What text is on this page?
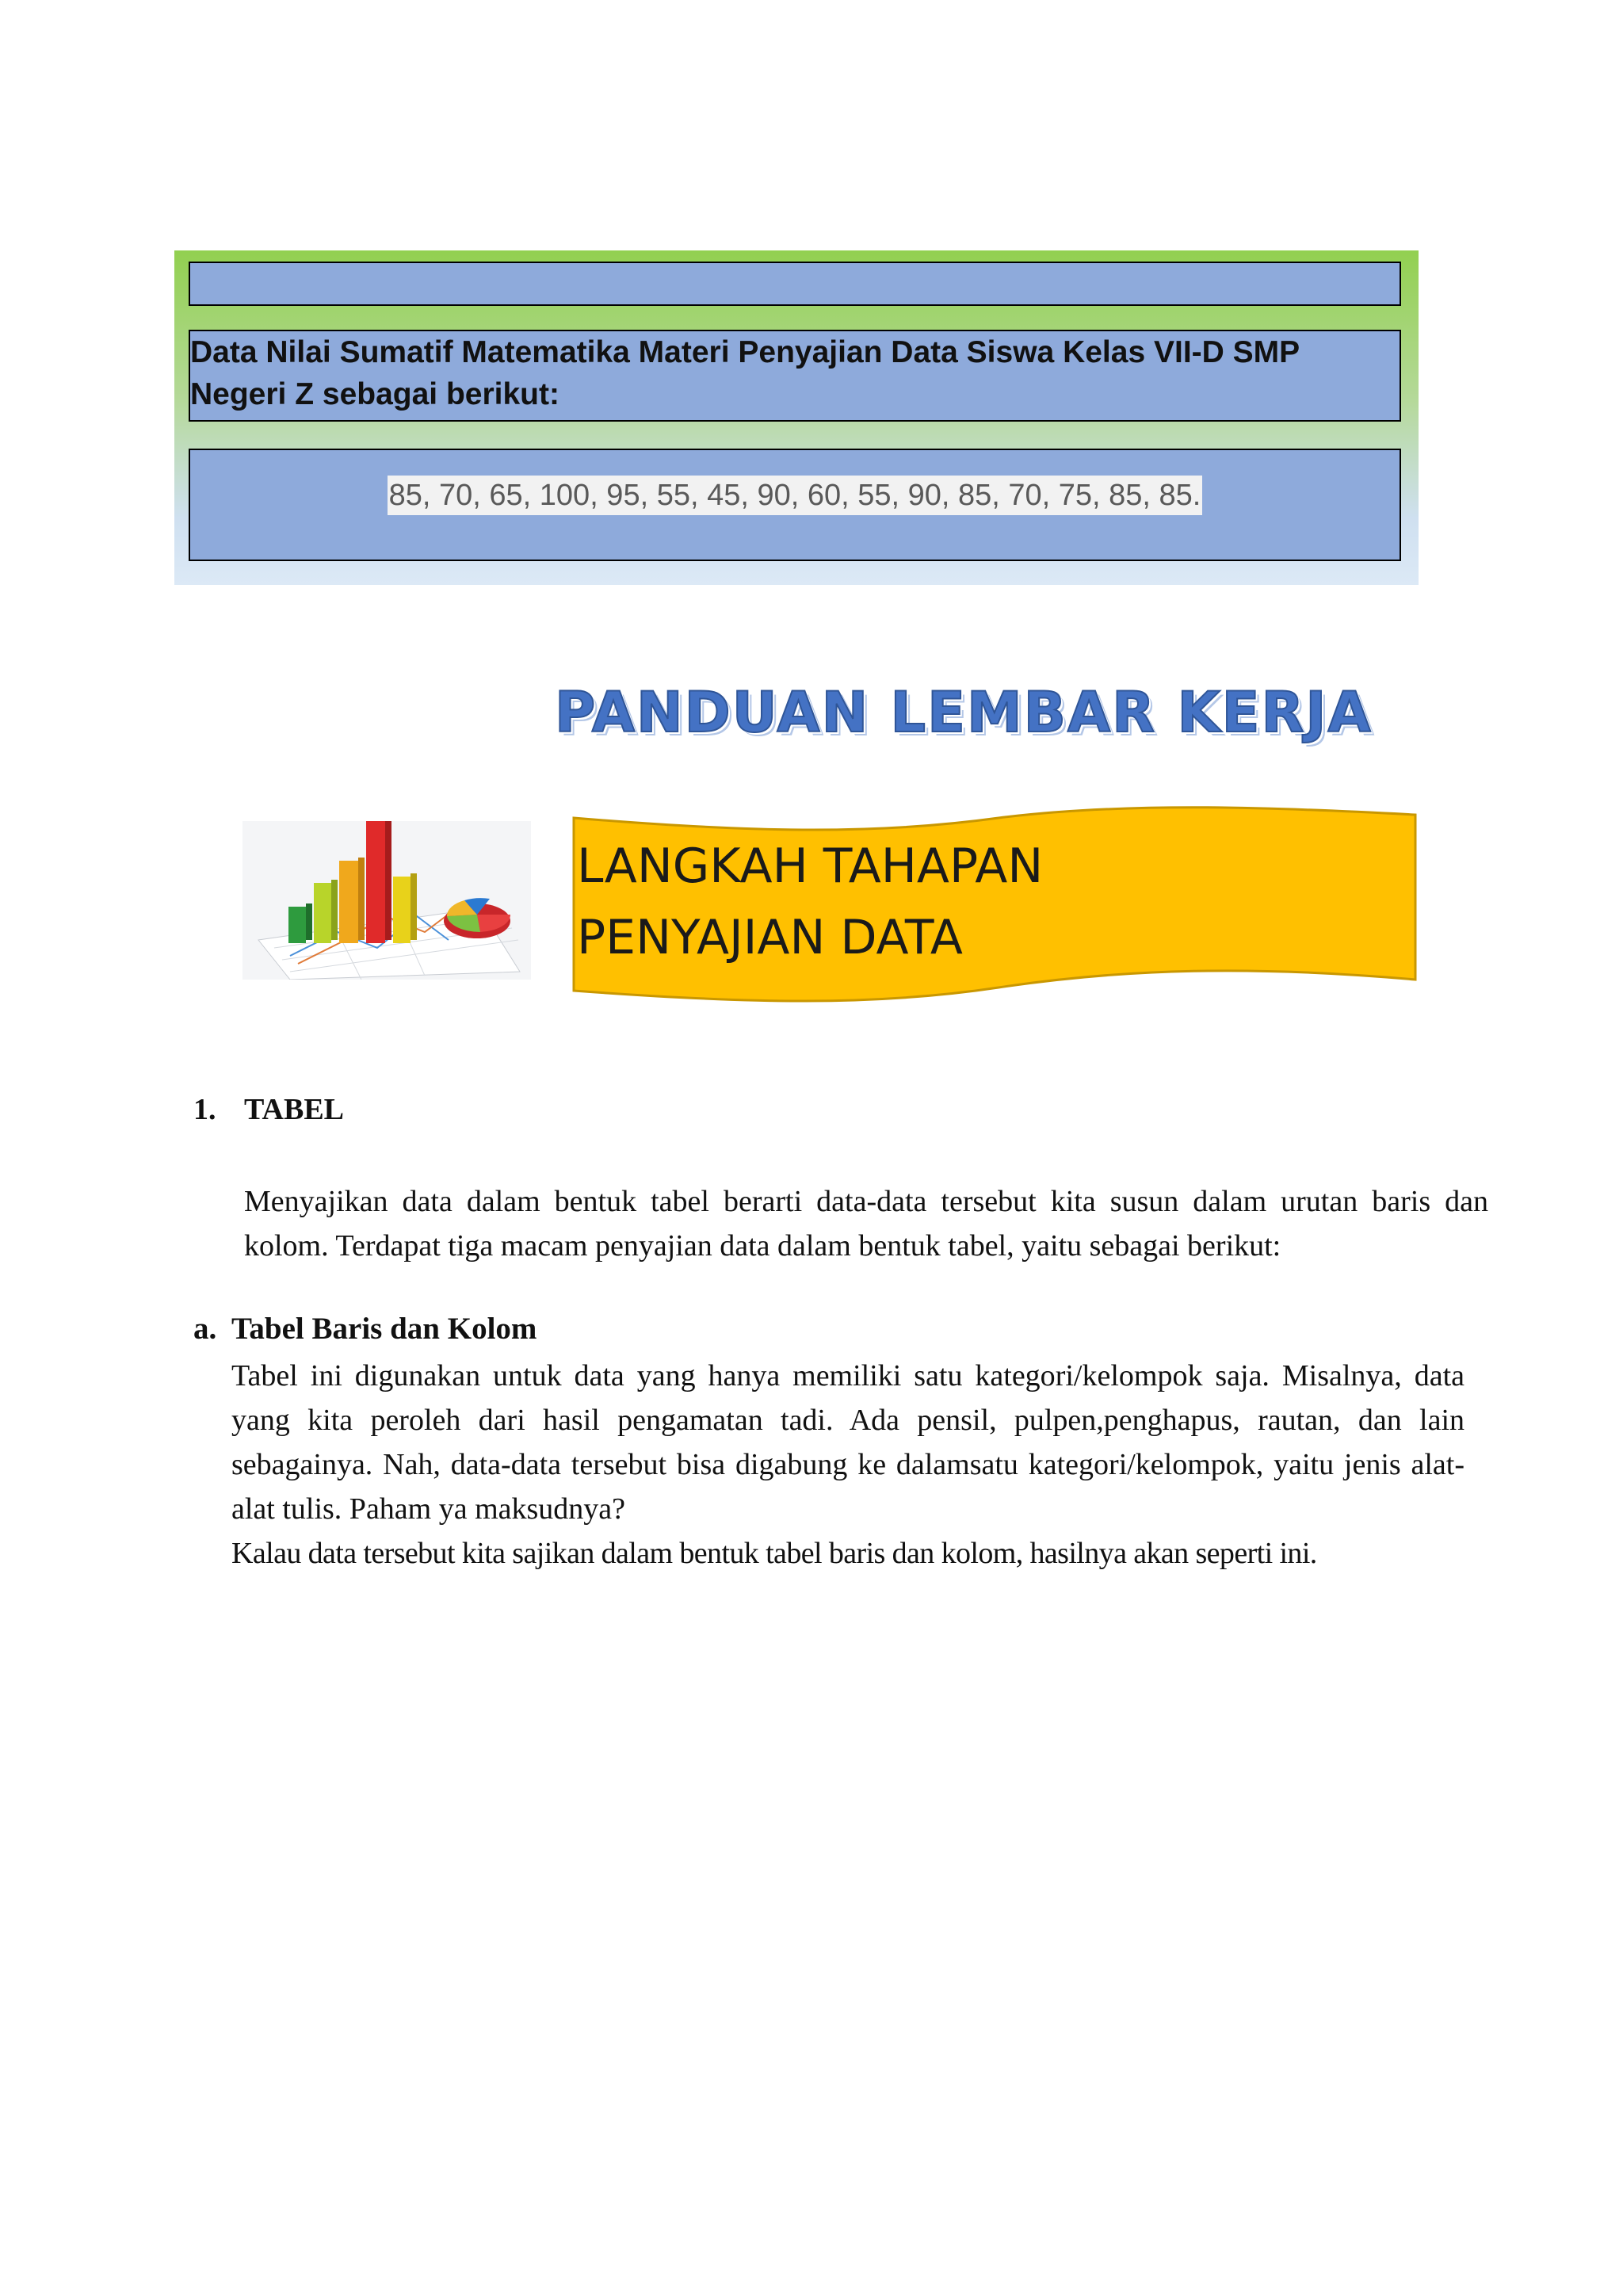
Data Nilai Sumatif Matematika Materi Penyajian Data Siswa Kelas VII-D SMP Negeri Z sebagai berikut:
85, 70, 65, 100, 95, 55, 45, 90, 60, 55, 90, 85, 70, 75, 85, 85.
PANDUAN LEMBAR KERJA
LANGKAH TAHAPAN
PENYAJIAN DATA
1. TABEL
Menyajikan data dalam bentuk tabel berarti data-data tersebut kita susun dalam urutan baris dan kolom. Terdapat tiga macam penyajian data dalam bentuk tabel, yaitu sebagai berikut:
a. Tabel Baris dan Kolom
Tabel ini digunakan untuk data yang hanya memiliki satu kategori/kelompok saja. Misalnya, data yang kita peroleh dari hasil pengamatan tadi. Ada pensil, pulpen,penghapus, rautan, dan lain sebagainya. Nah, data-data tersebut bisa digabung ke dalamsatu kategori/kelompok, yaitu jenis alat-alat tulis. Paham ya maksudnya?
Kalau data tersebut kita sajikan dalam bentuk tabel baris dan kolom, hasilnya akan seperti ini.
